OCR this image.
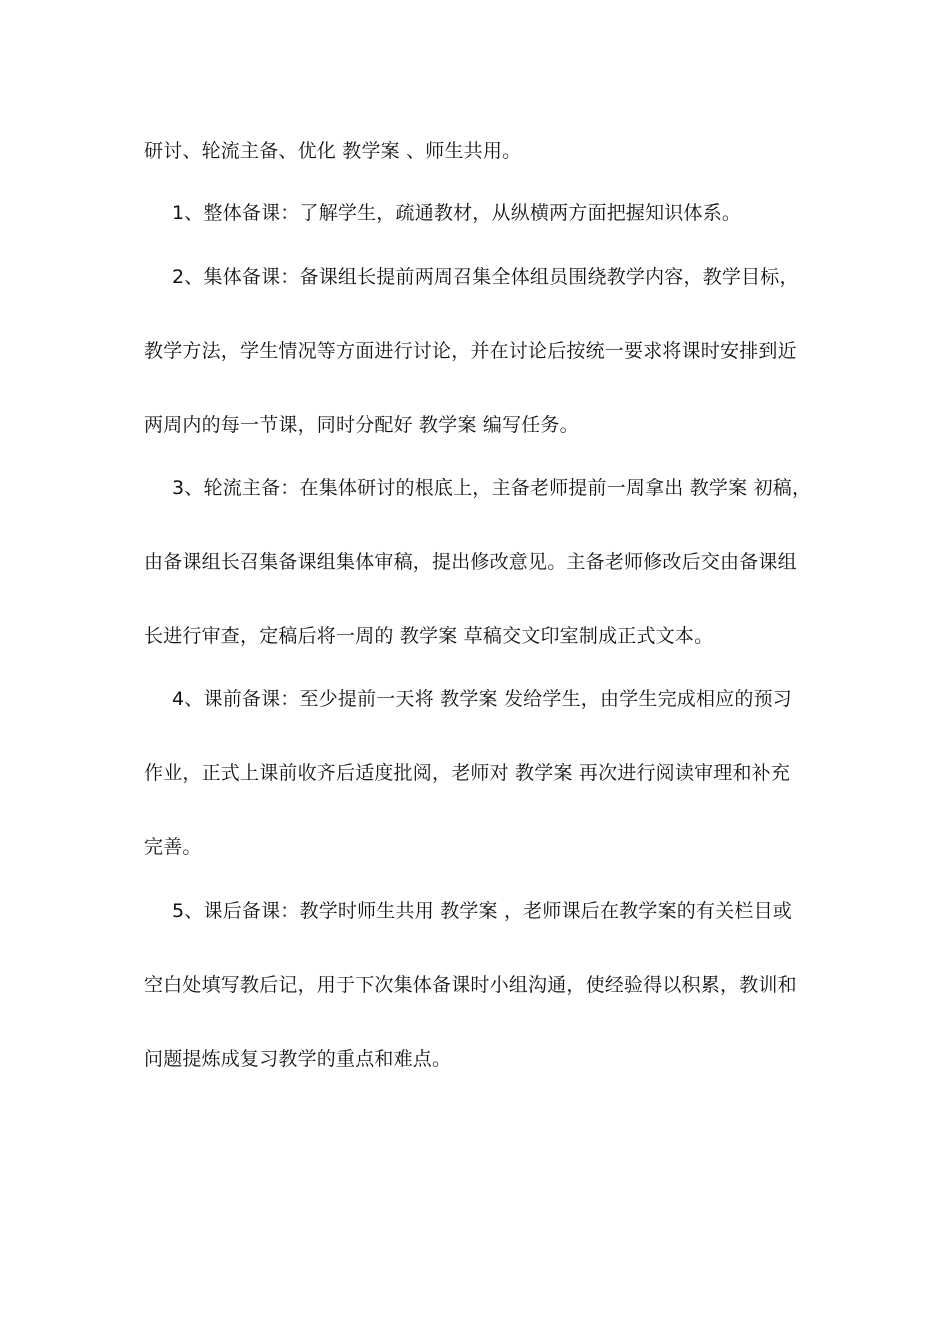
研讨、轮流主备、优化 教学案 、师生共用。
1、整体备课：了解学生，疏通教材，从纵横两方面把握知识体系。
2、集体备课：备课组长提前两周召集全体组员围绕教学内容，教学目标，
教学方法，学生情况等方面进行讨论，并在讨论后按统一要求将课时安排到近
两周内的每一节课，同时分配好 教学案 编写任务。
3、轮流主备：在集体研讨的根底上，主备老师提前一周拿出 教学案 初稿，
由备课组长召集备课组集体审稿，提出修改意见。主备老师修改后交由备课组
长进行审查，定稿后将一周的 教学案 草稿交文印室制成正式文本。
4、课前备课：至少提前一天将 教学案 发给学生，由学生完成相应的预习
作业，正式上课前收齐后适度批阅，老师对 教学案 再次进行阅读审理和补充
完善。
5、课后备课：教学时师生共用 教学案 ，老师课后在教学案的有关栏目或
空白处填写教后记，用于下次集体备课时小组沟通，使经验得以积累，教训和
问题提炼成复习教学的重点和难点。
